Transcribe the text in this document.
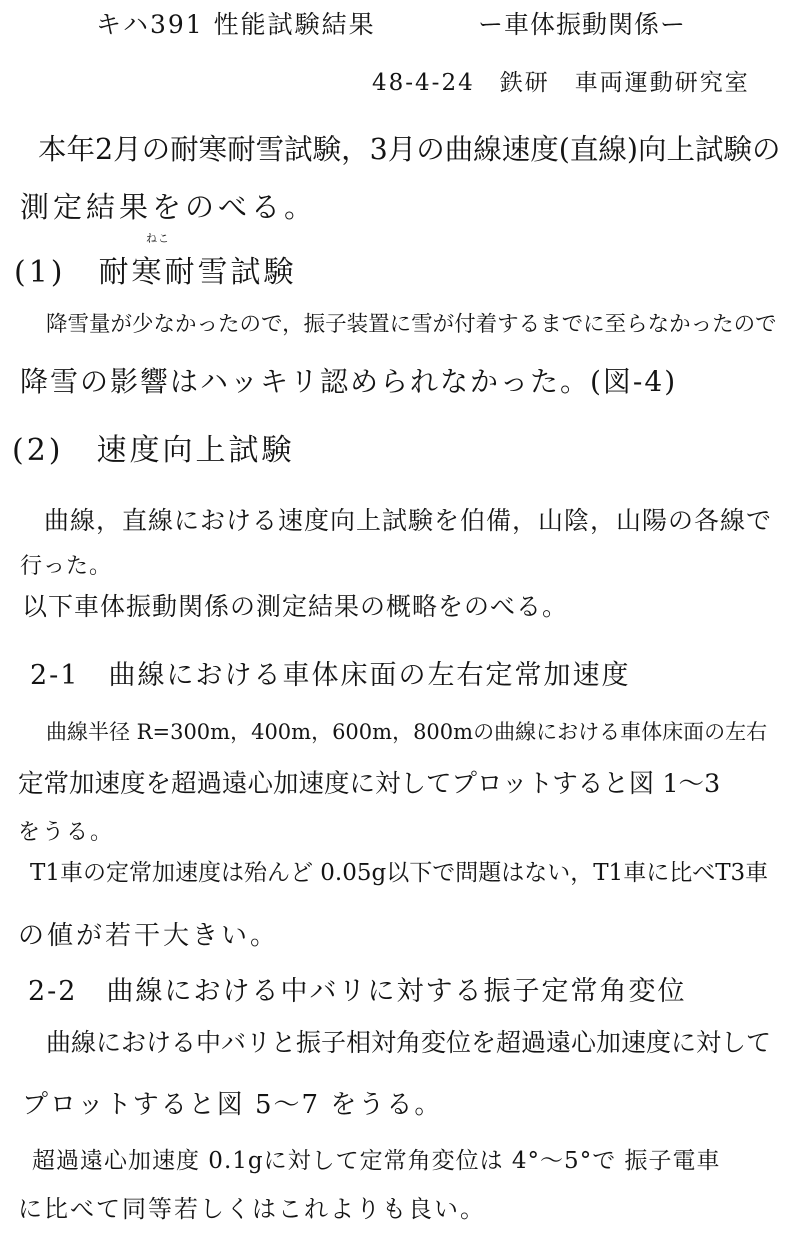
キハ391 性能試験結果	ー車体振動関係ー
48-4-24　鉄研　車両運動研究室
本年2月の耐寒耐雪試験，3月の曲線速度(直線)向上試験の
測定結果をのべる。
ねこ
(1)　耐寒耐雪試験
降雪量が少なかったので，振子装置に雪が付着するまでに至らなかったので
降雪の影響はハッキリ認められなかった。(図-4)
(2)　速度向上試験
曲線，直線における速度向上試験を伯備，山陰，山陽の各線で
行った。
以下車体振動関係の測定結果の概略をのべる。
2-1　曲線における車体床面の左右定常加速度
曲線半径 R=300m，400m，600m，800mの曲線における車体床面の左右
定常加速度を超過遠心加速度に対してプロットすると図 1〜3
をうる。
T1車の定常加速度は殆んど 0.05g以下で問題はない，T1車に比べT3車
の値が若干大きい。
2-2　曲線における中バリに対する振子定常角変位
曲線における中バリと振子相対角変位を超過遠心加速度に対して
プロットすると図 5〜7 をうる。
超過遠心加速度 0.1gに対して定常角変位は 4°〜5°で 振子電車
に比べて同等若しくはこれよりも良い。
